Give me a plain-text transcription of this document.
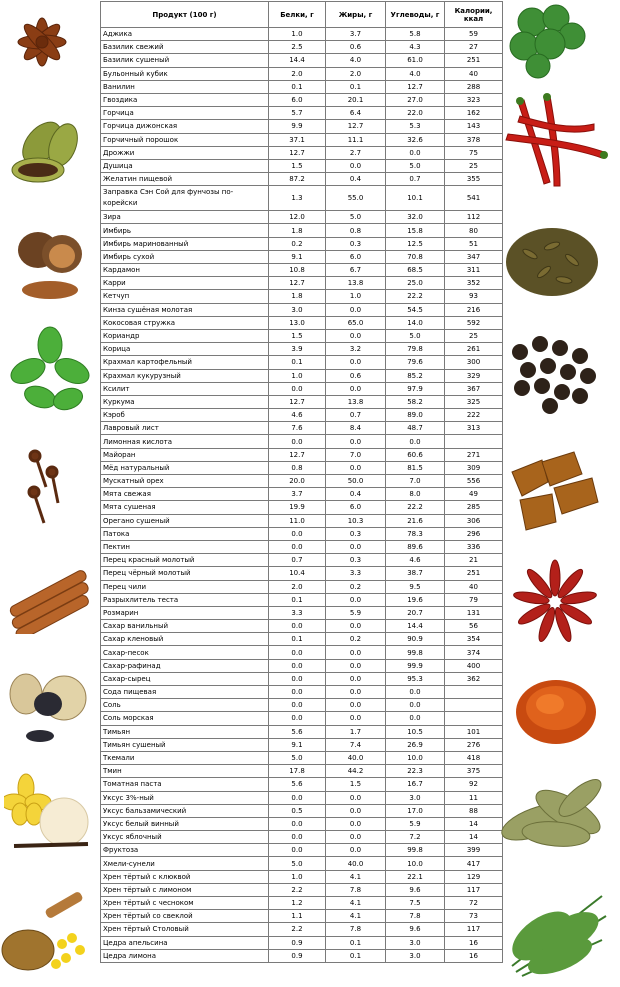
Продукт (100 г)	Белки, г	Жиры, г	Углеводы, г	Калории, ккал
Аджика	1.0	3.7	5.8	59
Базилик свежий	2.5	0.6	4.3	27
Базилик сушеный	14.4	4.0	61.0	251
Бульонный кубик	2.0	2.0	4.0	40
Ванилин	0.1	0.1	12.7	288
Гвоздика	6.0	20.1	27.0	323
Горчица	5.7	6.4	22.0	162
Горчица дижонская	9.9	12.7	5.3	143
Горчичный порошок	37.1	11.1	32.6	378
Дрожжи	12.7	2.7	0.0	75
Душица	1.5	0.0	5.0	25
Желатин пищевой	87.2	0.4	0.7	355
Заправка Сэн Сой для фунчозы по-корейски	1.3	55.0	10.1	541
Зира	12.0	5.0	32.0	112
Имбирь	1.8	0.8	15.8	80
Имбирь маринованный	0.2	0.3	12.5	51
Имбирь сухой	9.1	6.0	70.8	347
Кардамон	10.8	6.7	68.5	311
Карри	12.7	13.8	25.0	352
Кетчуп	1.8	1.0	22.2	93
Кинза сушёная молотая	3.0	0.0	54.5	216
Кокосовая стружка	13.0	65.0	14.0	592
Кориандр	1.5	0.0	5.0	25
Корица	3.9	3.2	79.8	261
Крахмал картофельный	0.1	0.0	79.6	300
Крахмал кукурузный	1.0	0.6	85.2	329
Ксилит	0.0	0.0	97.9	367
Куркума	12.7	13.8	58.2	325
Кэроб	4.6	0.7	89.0	222
Лавровый лист	7.6	8.4	48.7	313
Лимонная кислота	0.0	0.0	0.0	
Майоран	12.7	7.0	60.6	271
Мёд натуральный	0.8	0.0	81.5	309
Мускатный орех	20.0	50.0	7.0	556
Мята свежая	3.7	0.4	8.0	49
Мята сушеная	19.9	6.0	22.2	285
Орегано сушеный	11.0	10.3	21.6	306
Патока	0.0	0.3	78.3	296
Пектин	0.0	0.0	89.6	336
Перец красный молотый	0.7	0.3	4.6	21
Перец чёрный молотый	10.4	3.3	38.7	251
Перец чили	2.0	0.2	9.5	40
Разрыхлитель теста	0.1	0.0	19.6	79
Розмарин	3.3	5.9	20.7	131
Сахар ванильный	0.0	0.0	14.4	56
Сахар кленовый	0.1	0.2	90.9	354
Сахар-песок	0.0	0.0	99.8	374
Сахар-рафинад	0.0	0.0	99.9	400
Сахар-сырец	0.0	0.0	95.3	362
Сода пищевая	0.0	0.0	0.0	
Соль	0.0	0.0	0.0	
Соль морская	0.0	0.0	0.0	
Тимьян	5.6	1.7	10.5	101
Тимьян сушеный	9.1	7.4	26.9	276
Ткемали	5.0	40.0	10.0	418
Тмин	17.8	44.2	22.3	375
Томатная паста	5.6	1.5	16.7	92
Уксус 3%-ный	0.0	0.0	3.0	11
Уксус бальзамический	0.5	0.0	17.0	88
Уксус белый винный	0.0	0.0	5.9	14
Уксус яблочный	0.0	0.0	7.2	14
Фруктоза	0.0	0.0	99.8	399
Хмели-сунели	5.0	40.0	10.0	417
Хрен тёртый с клюквой	1.0	4.1	22.1	129
Хрен тёртый с лимоном	2.2	7.8	9.6	117
Хрен тёртый с чесноком	1.2	4.1	7.5	72
Хрен тёртый со свеклой	1.1	4.1	7.8	73
Хрен тёртый Столовый	2.2	7.8	9.6	117
Цедра апельсина	0.9	0.1	3.0	16
Цедра лимона	0.9	0.1	3.0	16
